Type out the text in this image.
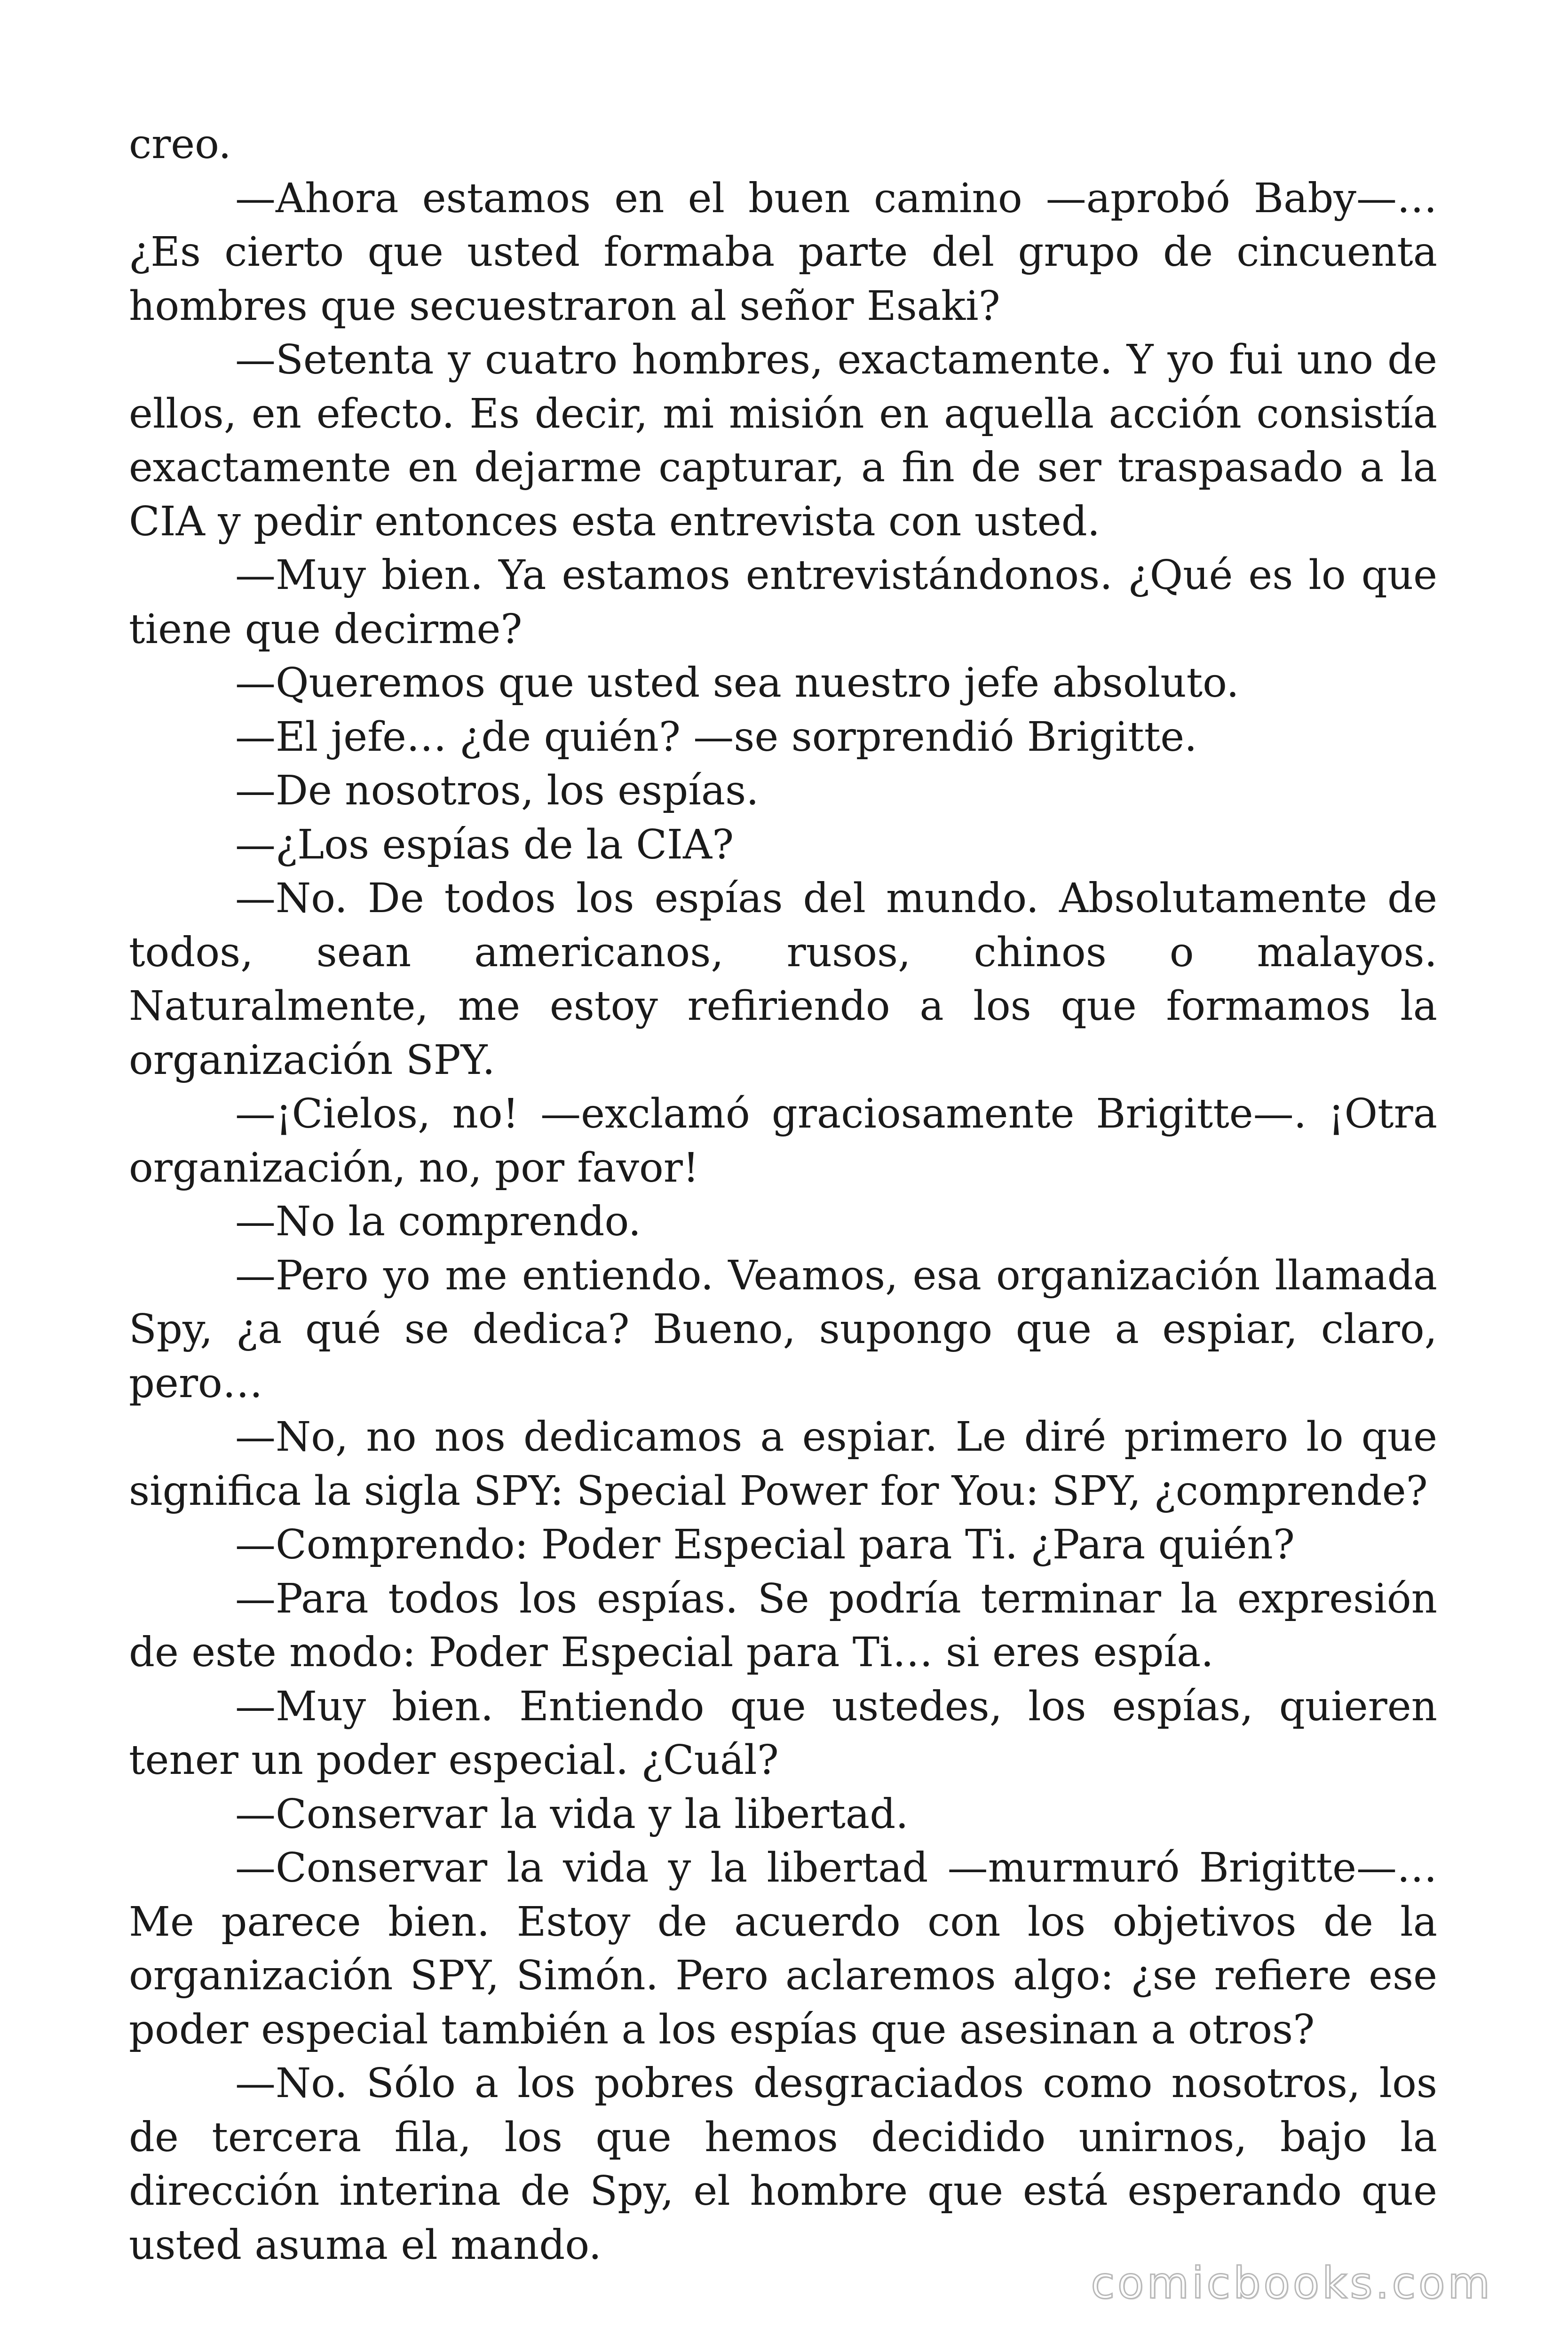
creo.

—Ahora estamos en el buen camino —aprobó Baby—… ¿Es cierto que usted formaba parte del grupo de cincuenta hombres que secuestraron al señor Esaki?

—Setenta y cuatro hombres, exactamente. Y yo fui uno de ellos, en efecto. Es decir, mi misión en aquella acción consistía exactamente en dejarme capturar, a fin de ser traspasado a la CIA y pedir entonces esta entrevista con usted.

—Muy bien. Ya estamos entrevistándonos. ¿Qué es lo que tiene que decirme?

—Queremos que usted sea nuestro jefe absoluto.

—El jefe… ¿de quién? —se sorprendió Brigitte.

—De nosotros, los espías.

—¿Los espías de la CIA?

—No. De todos los espías del mundo. Absolutamente de todos, sean americanos, rusos, chinos o malayos. Naturalmente, me estoy refiriendo a los que formamos la organización SPY.

—¡Cielos, no! —exclamó graciosamente Brigitte—. ¡Otra organización, no, por favor!

—No la comprendo.

—Pero yo me entiendo. Veamos, esa organización llamada Spy, ¿a qué se dedica? Bueno, supongo que a espiar, claro, pero…

—No, no nos dedicamos a espiar. Le diré primero lo que significa la sigla SPY: Special Power for You: SPY, ¿comprende?

—Comprendo: Poder Especial para Ti. ¿Para quién?

—Para todos los espías. Se podría terminar la expresión de este modo: Poder Especial para Ti… si eres espía.

—Muy bien. Entiendo que ustedes, los espías, quieren tener un poder especial. ¿Cuál?

—Conservar la vida y la libertad.

—Conservar la vida y la libertad —murmuró Brigitte—… Me parece bien. Estoy de acuerdo con los objetivos de la organización SPY, Simón. Pero aclaremos algo: ¿se refiere ese poder especial también a los espías que asesinan a otros?

—No. Sólo a los pobres desgraciados como nosotros, los de tercera fila, los que hemos decidido unirnos, bajo la dirección interina de Spy, el hombre que está esperando que usted asuma el mando.

comicbooks.com
